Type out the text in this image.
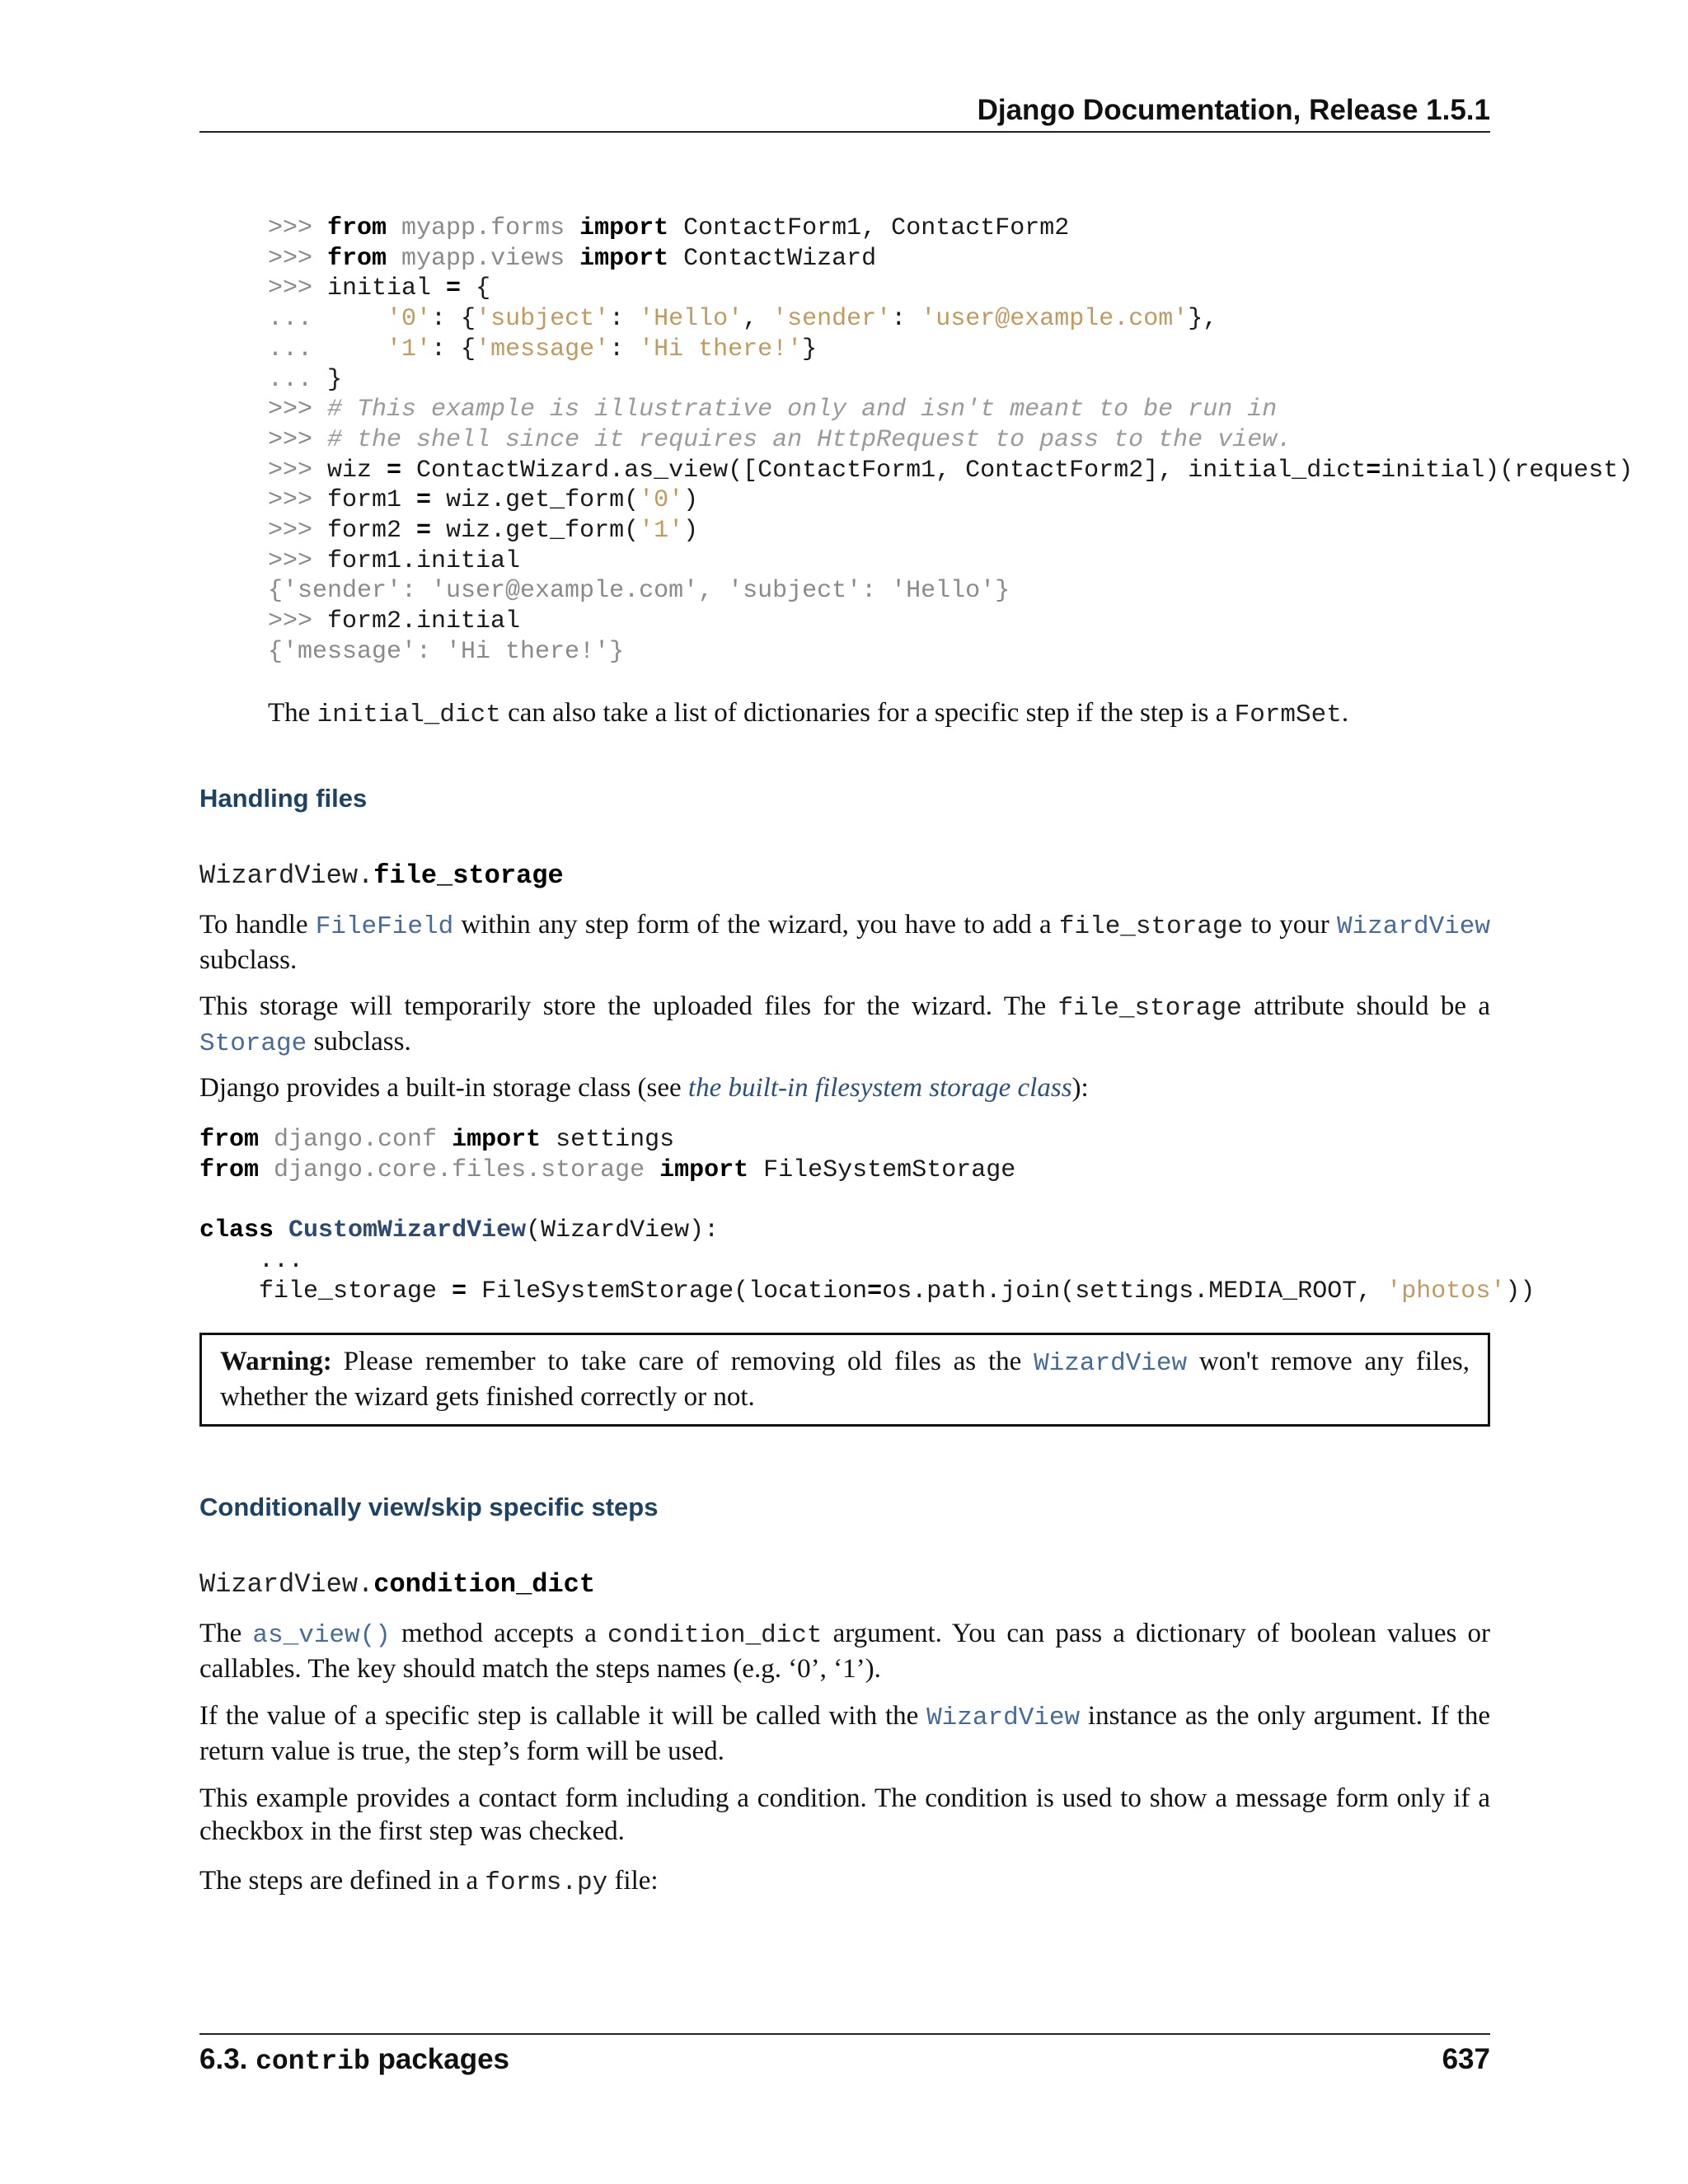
Django Documentation, Release 1.5.1
>>> from myapp.forms import ContactForm1, ContactForm2
>>> from myapp.views import ContactWizard
>>> initial = {
...     '0': {'subject': 'Hello', 'sender': 'user@example.com'},
...     '1': {'message': 'Hi there!'}
... }
>>> # This example is illustrative only and isn't meant to be run in
>>> # the shell since it requires an HttpRequest to pass to the view.
>>> wiz = ContactWizard.as_view([ContactForm1, ContactForm2], initial_dict=initial)(request)
>>> form1 = wiz.get_form('0')
>>> form2 = wiz.get_form('1')
>>> form1.initial
{'sender': 'user@example.com', 'subject': 'Hello'}
>>> form2.initial
{'message': 'Hi there!'}

The initial_dict can also take a list of dictionaries for a specific step if the step is a FormSet.

Handling files
WizardView.file_storage

To handle FileField within any step form of the wizard, you have to add a file_storage to your WizardView subclass.

This storage will temporarily store the uploaded files for the wizard. The file_storage attribute should be a Storage subclass.

Django provides a built-in storage class (see the built-in filesystem storage class):

from django.conf import settings
from django.core.files.storage import FileSystemStorage

class CustomWizardView(WizardView):
...
file_storage = FileSystemStorage(location=os.path.join(settings.MEDIA_ROOT, 'photos'))
Warning: Please remember to take care of removing old files as the WizardView won't remove any files, whether the wizard gets finished correctly or not.
Conditionally view/skip specific steps
WizardView.condition_dict

The as_view() method accepts a condition_dict argument. You can pass a dictionary of boolean values or callables. The key should match the steps names (e.g. ‘0’, ‘1’).

If the value of a specific step is callable it will be called with the WizardView instance as the only argument. If the return value is true, the step’s form will be used.

This example provides a contact form including a condition. The condition is used to show a message form only if a checkbox in the first step was checked.

The steps are defined in a forms.py file:

6.3. contrib packages	637
